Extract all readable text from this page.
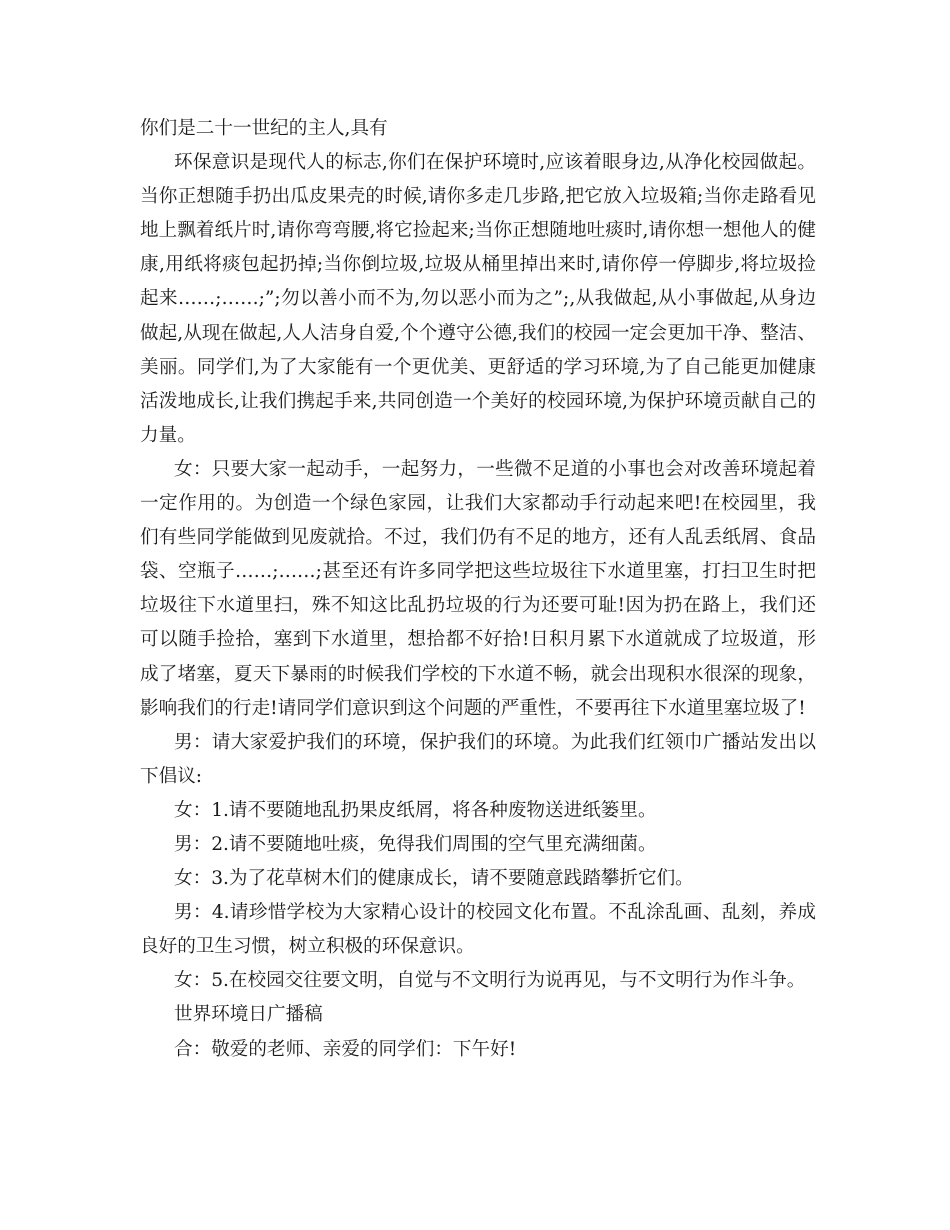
你们是二十一世纪的主人,具有

环保意识是现代人的标志,你们在保护环境时,应该着眼身边,从净化校园做起。当你正想随手扔出瓜皮果壳的时候,请你多走几步路,把它放入垃圾箱;当你走路看见地上飘着纸片时,请你弯弯腰,将它捡起来;当你正想随地吐痰时,请你想一想他人的健康,用纸将痰包起扔掉;当你倒垃圾,垃圾从桶里掉出来时,请你停一停脚步,将垃圾捡起来……;……;”;勿以善小而不为,勿以恶小而为之”;,从我做起,从小事做起,从身边做起,从现在做起,人人洁身自爱,个个遵守公德,我们的校园一定会更加干净、整洁、美丽。同学们,为了大家能有一个更优美、更舒适的学习环境,为了自己能更加健康活泼地成长,让我们携起手来,共同创造一个美好的校园环境,为保护环境贡献自己的力量。

女：只要大家一起动手，一起努力，一些微不足道的小事也会对改善环境起着一定作用的。为创造一个绿色家园，让我们大家都动手行动起来吧!在校园里，我们有些同学能做到见废就拾。不过，我们仍有不足的地方，还有人乱丢纸屑、食品袋、空瓶子……;……;甚至还有许多同学把这些垃圾往下水道里塞，打扫卫生时把垃圾往下水道里扫，殊不知这比乱扔垃圾的行为还要可耻!因为扔在路上，我们还可以随手捡拾，塞到下水道里，想拾都不好拾!日积月累下水道就成了垃圾道，形成了堵塞，夏天下暴雨的时候我们学校的下水道不畅，就会出现积水很深的现象，影响我们的行走!请同学们意识到这个问题的严重性，不要再往下水道里塞垃圾了!

男：请大家爱护我们的环境，保护我们的环境。为此我们红领巾广播站发出以下倡议:

女：1.请不要随地乱扔果皮纸屑，将各种废物送进纸篓里。

男：2.请不要随地吐痰，免得我们周围的空气里充满细菌。

女：3.为了花草树木们的健康成长，请不要随意践踏攀折它们。

男：4.请珍惜学校为大家精心设计的校园文化布置。不乱涂乱画、乱刻，养成良好的卫生习惯，树立积极的环保意识。

女：5.在校园交往要文明，自觉与不文明行为说再见，与不文明行为作斗争。

世界环境日广播稿

合：敬爱的老师、亲爱的同学们：下午好!
